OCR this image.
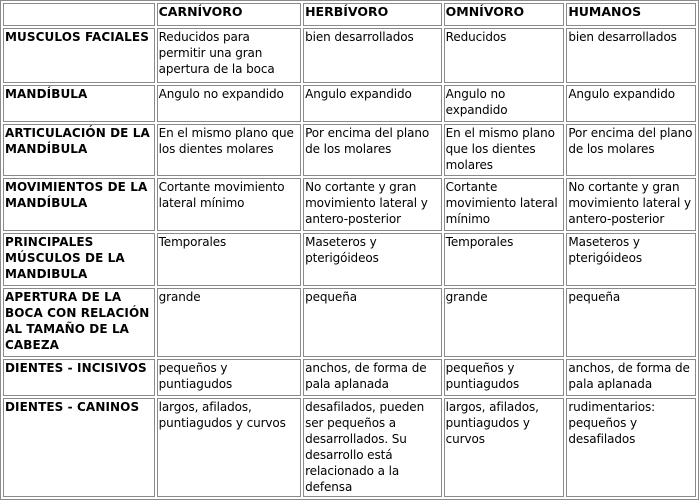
	CARNÍVORO	HERBÍVORO	OMNÍVORO	HUMANOS
MUSCULOS FACIALES	Reducidos para permitir una gran apertura de la boca	bien desarrollados	Reducidos	bien desarrollados
MANDÍBULA	Angulo no expandido	Angulo expandido	Angulo no expandido	Angulo expandido
ARTICULACIÓN DE LA MANDÍBULA	En el mismo plano que los dientes molares	Por encima del plano de los molares	En el mismo plano que los dientes molares	Por encima del plano de los molares
MOVIMIENTOS DE LA MANDÍBULA	Cortante movimiento lateral mínimo	No cortante y gran movimiento lateral y antero-posterior	Cortante movimiento lateral mínimo	No cortante y gran movimiento lateral y antero-posterior
PRINCIPALES MÚSCULOS DE LA MANDIBULA	Temporales	Maseteros y pterigóideos	Temporales	Maseteros y pterigóideos
APERTURA DE LA BOCA CON RELACIÓN AL TAMAÑO DE LA CABEZA	grande	pequeña	grande	pequeña
DIENTES - INCISIVOS	pequeños y puntiagudos	anchos, de forma de pala aplanada	pequeños y puntiagudos	anchos, de forma de pala aplanada
DIENTES - CANINOS	largos, afilados, puntiagudos y curvos	desafilados, pueden ser pequeños a desarrollados. Su desarrollo está relacionado a la defensa	largos, afilados, puntiagudos y curvos	rudimentarios: pequeños y desafilados
